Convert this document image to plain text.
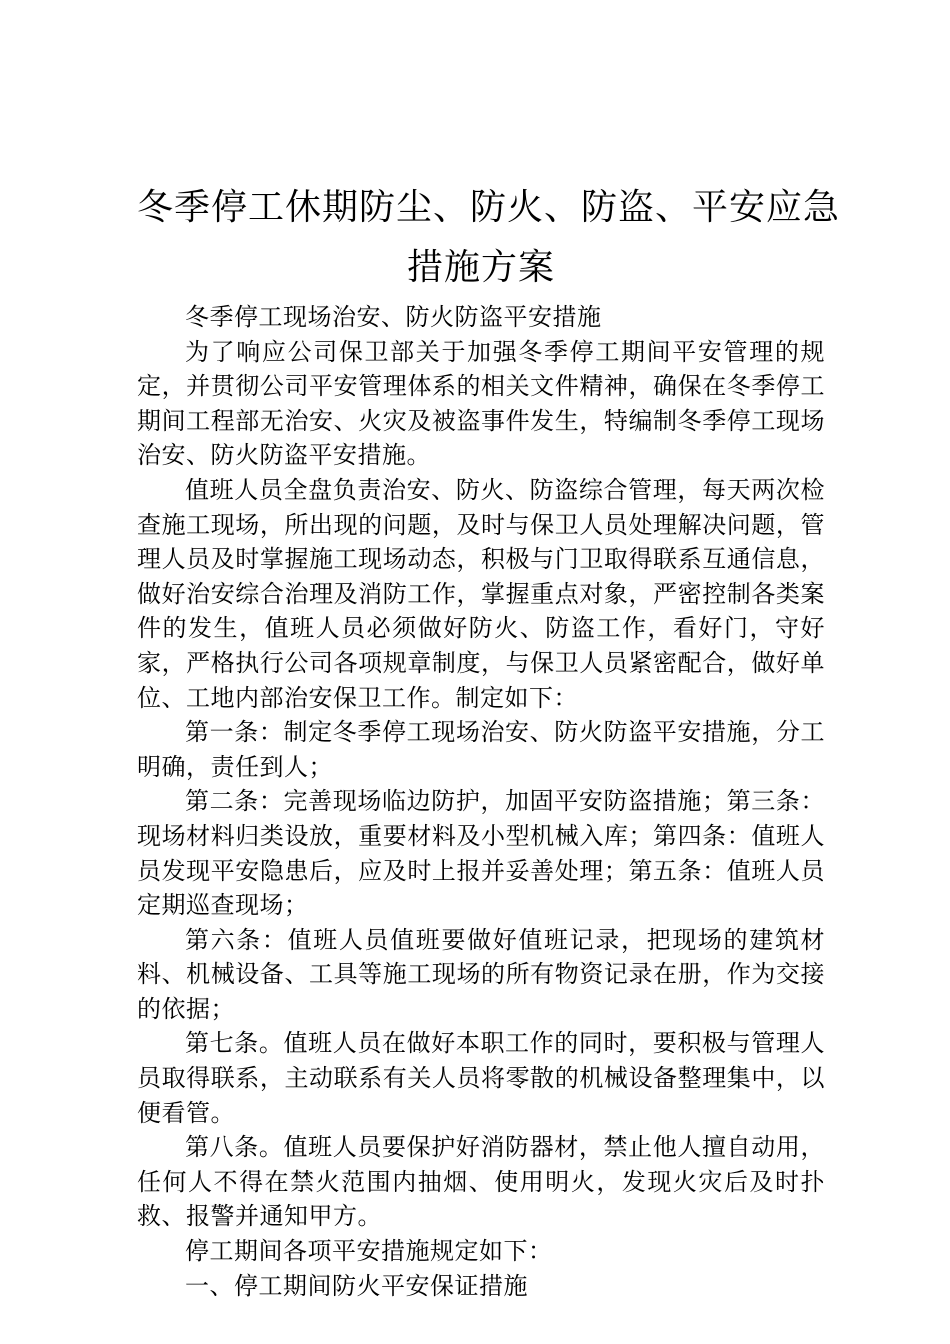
冬季停工休期防尘、防火、防盗、平安应急
措施方案

冬季停工现场治安、防火防盗平安措施

为了响应公司保卫部关于加强冬季停工期间平安管理的规定，并贯彻公司平安管理体系的相关文件精神，确保在冬季停工期间工程部无治安、火灾及被盗事件发生，特编制冬季停工现场治安、防火防盗平安措施。

值班人员全盘负责治安、防火、防盗综合管理，每天两次检查施工现场，所出现的问题，及时与保卫人员处理解决问题，管理人员及时掌握施工现场动态，积极与门卫取得联系互通信息，做好治安综合治理及消防工作，掌握重点对象，严密控制各类案件的发生，值班人员必须做好防火、防盗工作，看好门，守好家，严格执行公司各项规章制度，与保卫人员紧密配合，做好单位、工地内部治安保卫工作。制定如下：

第一条：制定冬季停工现场治安、防火防盗平安措施，分工明确，责任到人；

第二条：完善现场临边防护，加固平安防盗措施；第三条：现场材料归类设放，重要材料及小型机械入库；第四条：值班人员发现平安隐患后，应及时上报并妥善处理；第五条：值班人员定期巡查现场；

第六条：值班人员值班要做好值班记录，把现场的建筑材料、机械设备、工具等施工现场的所有物资记录在册，作为交接的依据；

第七条。值班人员在做好本职工作的同时，要积极与管理人员取得联系，主动联系有关人员将零散的机械设备整理集中，以便看管。

第八条。值班人员要保护好消防器材，禁止他人擅自动用，任何人不得在禁火范围内抽烟、使用明火，发现火灾后及时扑救、报警并通知甲方。

停工期间各项平安措施规定如下：

一、停工期间防火平安保证措施
